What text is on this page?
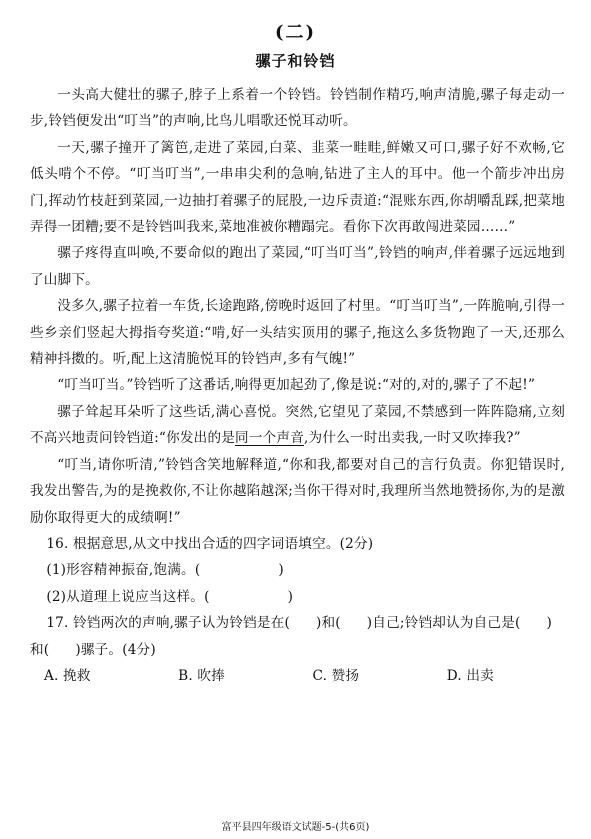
(二)
骡子和铃铛

一头高大健壮的骡子,脖子上系着一个铃铛。铃铛制作精巧,响声清脆,骡子每走动一步,铃铛便发出“叮当”的声响,比鸟儿唱歌还悦耳动听。

一天,骡子撞开了篱笆,走进了菜园,白菜、韭菜一畦畦,鲜嫩又可口,骡子好不欢畅,它低头啃个不停。“叮当叮当”,一串串尖利的急响,钻进了主人的耳中。他一个箭步冲出房门,挥动竹枝赶到菜园,一边抽打着骡子的屁股,一边斥责道:“混账东西,你胡嚼乱踩,把菜地弄得一团糟;要不是铃铛叫我来,菜地准被你糟蹋完。看你下次再敢闯进菜园……”

骡子疼得直叫唤,不要命似的跑出了菜园,“叮当叮当”,铃铛的响声,伴着骡子远远地到了山脚下。

没多久,骡子拉着一车货,长途跑路,傍晚时返回了村里。“叮当叮当”,一阵脆响,引得一些乡亲们竖起大拇指夸奖道:“啃,好一头结实顶用的骡子,拖这么多货物跑了一天,还那么精神抖擞的。听,配上这清脆悦耳的铃铛声,多有气魄!”

“叮当叮当。”铃铛听了这番话,响得更加起劲了,像是说:“对的,对的,骡子了不起!”

骡子耸起耳朵听了这些话,满心喜悦。突然,它望见了菜园,不禁感到一阵阵隐痛,立刻不高兴地责问铃铛道:“你发出的是同一个声音,为什么一时出卖我,一时又吹捧我?”

“叮当,请你听清,”铃铛含笑地解释道,“你和我,都要对自己的言行负责。你犯错误时,我发出警告,为的是挽救你,不让你越陷越深;当你干得对时,我理所当然地赞扬你,为的是激励你取得更大的成绩啊!”

16. 根据意思,从文中找出合适的四字词语填空。(2分)

(1)形容精神振奋,饱满。(	)

(2)从道理上说应当这样。(	)

17. 铃铛两次的声响,骡子认为铃铛是在( )和( )自己;铃铛却认为自己是( )和( )骡子。(4分)

A. 挽救	B. 吹捧	C. 赞扬	D. 出卖
富平县四年级语文试题-5-(共6页)
